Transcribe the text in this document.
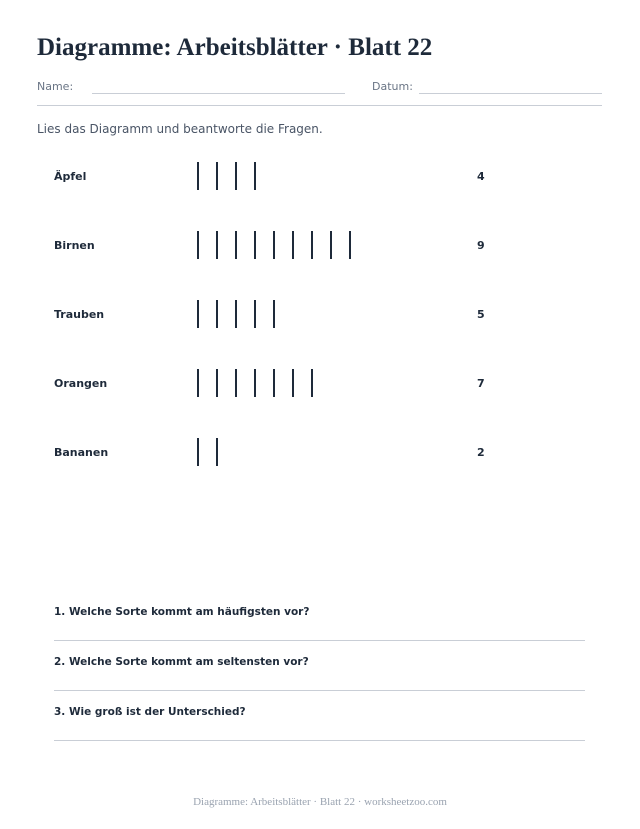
Diagramme: Arbeitsblätter · Blatt 22
Name:	Datum:

Lies das Diagramm und beantworte die Fragen.

Äpfel	4
Birnen	9
Trauben	5
Orangen	7
Bananen	2
1. Welche Sorte kommt am häufigsten vor?
2. Welche Sorte kommt am seltensten vor?
3. Wie groß ist der Unterschied?
Diagramme: Arbeitsblätter · Blatt 22 · worksheetzoo.com
